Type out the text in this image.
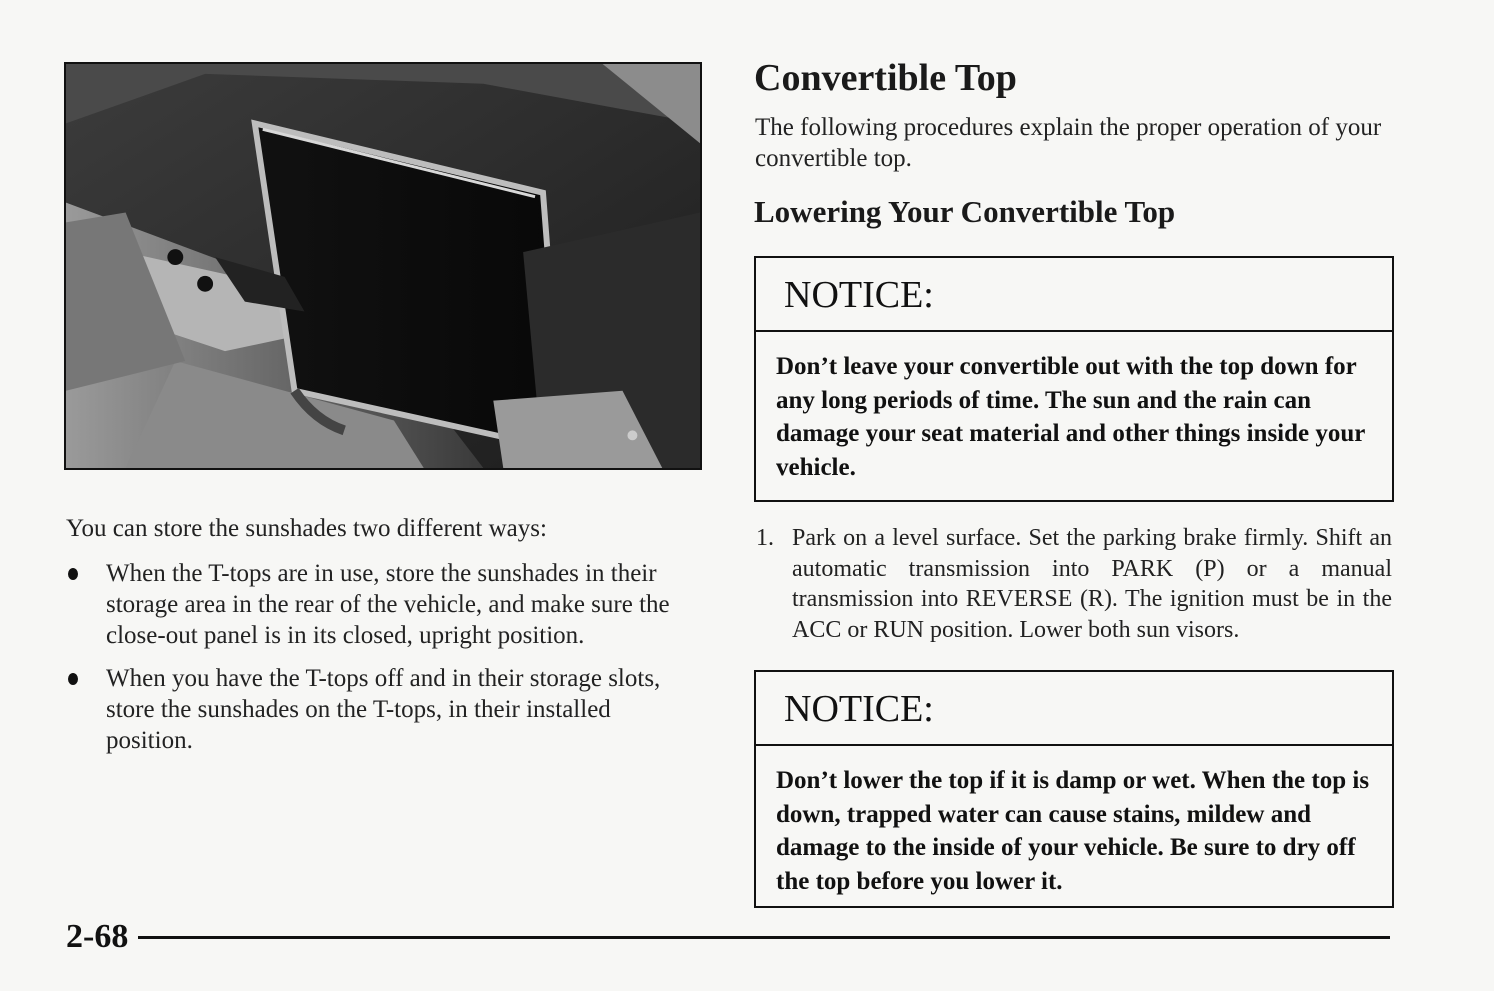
You can store the sunshades two different ways:
When the T-tops are in use, store the sunshades in their storage area in the rear of the vehicle, and make sure the close-out panel is in its closed, upright position.
When you have the T-tops off and in their storage slots, store the sunshades on the T-tops, in their installed position.
Convertible Top
The following procedures explain the proper operation of your convertible top.
Lowering Your Convertible Top
NOTICE:
Don’t leave your convertible out with the top down for any long periods of time. The sun and the rain can damage your seat material and other things inside your vehicle.
1. Park on a level surface. Set the parking brake firmly. Shift an automatic transmission into PARK (P) or a manual transmission into REVERSE (R). The ignition must be in the ACC or RUN position. Lower both sun visors.
NOTICE:
Don’t lower the top if it is damp or wet. When the top is down, trapped water can cause stains, mildew and damage to the inside of your vehicle. Be sure to dry off the top before you lower it.
2-68
